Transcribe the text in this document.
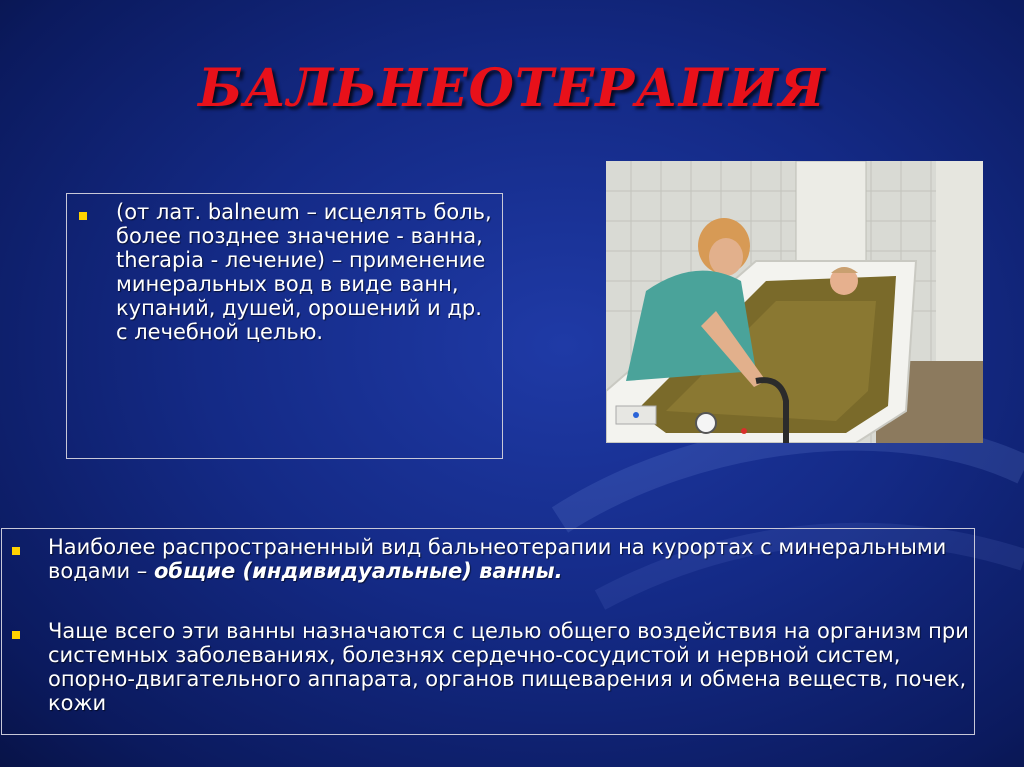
БАЛЬНЕОТЕРАПИЯ
(от лат. balneum – исцелять боль, более позднее значение - ванна, therapia - лечение) – применение минеральных вод в виде ванн, купаний, душей, орошений и др. с лечебной целью.
Наиболее распространенный вид бальнеотерапии на курортах с минеральными водами – общие (индивидуальные) ванны.
Чаще всего эти ванны назначаются с целью общего воздействия на организм при системных заболеваниях, болезнях сердечно-сосудистой и нервной систем, опорно-двигательного аппарата, органов пищеварения и обмена веществ, почек, кожи
